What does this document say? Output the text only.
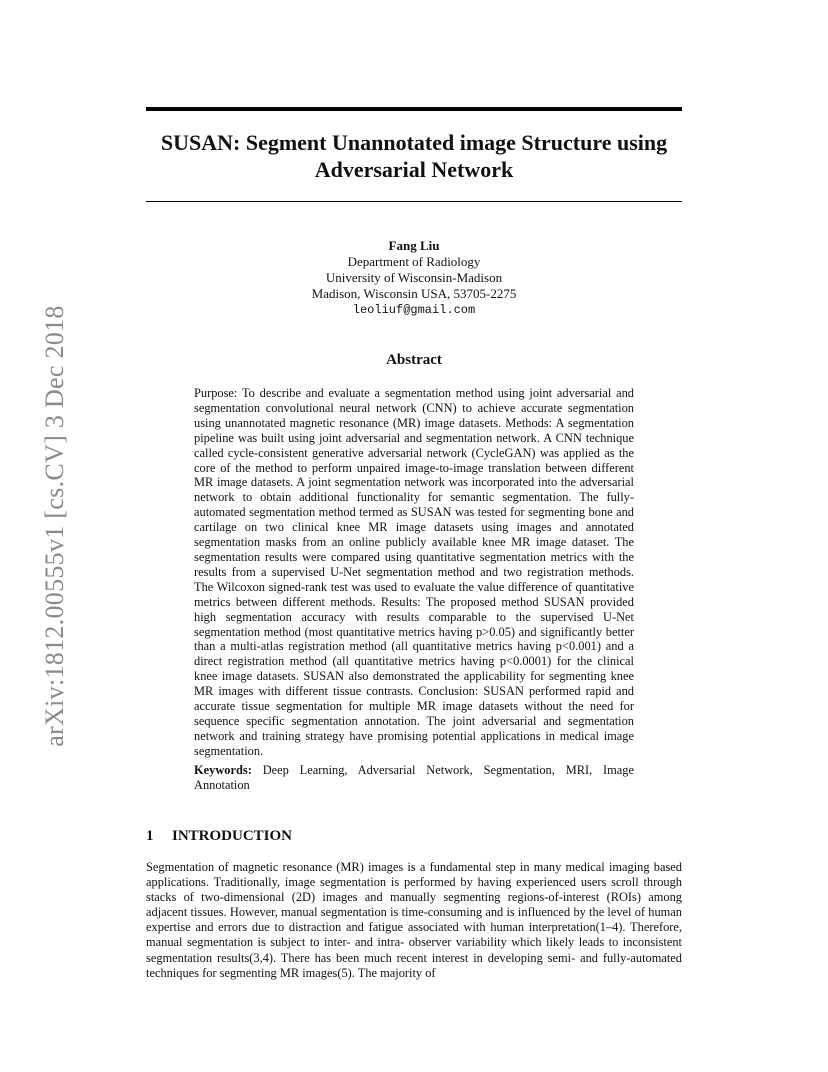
arXiv:1812.00555v1 [cs.CV] 3 Dec 2018
SUSAN: Segment Unannotated image Structure using
Adversarial Network
Fang Liu
Department of Radiology
University of Wisconsin-Madison
Madison, Wisconsin USA, 53705-2275
leoliuf@gmail.com
Abstract

Purpose: To describe and evaluate a segmentation method using joint adversarial and segmentation convolutional neural network (CNN) to achieve accurate segmentation using unannotated magnetic resonance (MR) image datasets. Methods: A segmentation pipeline was built using joint adversarial and segmentation network. A CNN technique called cycle-consistent generative adversarial network (CycleGAN) was applied as the core of the method to perform unpaired image-to-image translation between different MR image datasets. A joint segmentation network was incorporated into the adversarial network to obtain additional functionality for semantic segmentation. The fully-automated segmentation method termed as SUSAN was tested for segmenting bone and cartilage on two clinical knee MR image datasets using images and annotated segmentation masks from an online publicly available knee MR image dataset. The segmentation results were compared using quantitative segmentation metrics with the results from a supervised U-Net segmentation method and two registration methods. The Wilcoxon signed-rank test was used to evaluate the value difference of quantitative metrics between different methods. Results: The proposed method SUSAN provided high segmentation accuracy with results comparable to the supervised U-Net segmentation method (most quantitative metrics having p>0.05) and significantly better than a multi-atlas registration method (all quantitative metrics having p<0.001) and a direct registration method (all quantitative metrics having p<0.0001) for the clinical knee image datasets. SUSAN also demonstrated the applicability for segmenting knee MR images with different tissue contrasts. Conclusion: SUSAN performed rapid and accurate tissue segmentation for multiple MR image datasets without the need for sequence specific segmentation annotation. The joint adversarial and segmentation network and training strategy have promising potential applications in medical image segmentation.

Keywords: Deep Learning, Adversarial Network, Segmentation, MRI, Image Annotation

1 INTRODUCTION

Segmentation of magnetic resonance (MR) images is a fundamental step in many medical imaging based applications. Traditionally, image segmentation is performed by having experienced users scroll through stacks of two-dimensional (2D) images and manually segmenting regions-of-interest (ROIs) among adjacent tissues. However, manual segmentation is time-consuming and is influenced by the level of human expertise and errors due to distraction and fatigue associated with human interpretation(1–4). Therefore, manual segmentation is subject to inter- and intra- observer variability which likely leads to inconsistent segmentation results(3,4). There has been much recent interest in developing semi- and fully-automated techniques for segmenting MR images(5). The majority of
